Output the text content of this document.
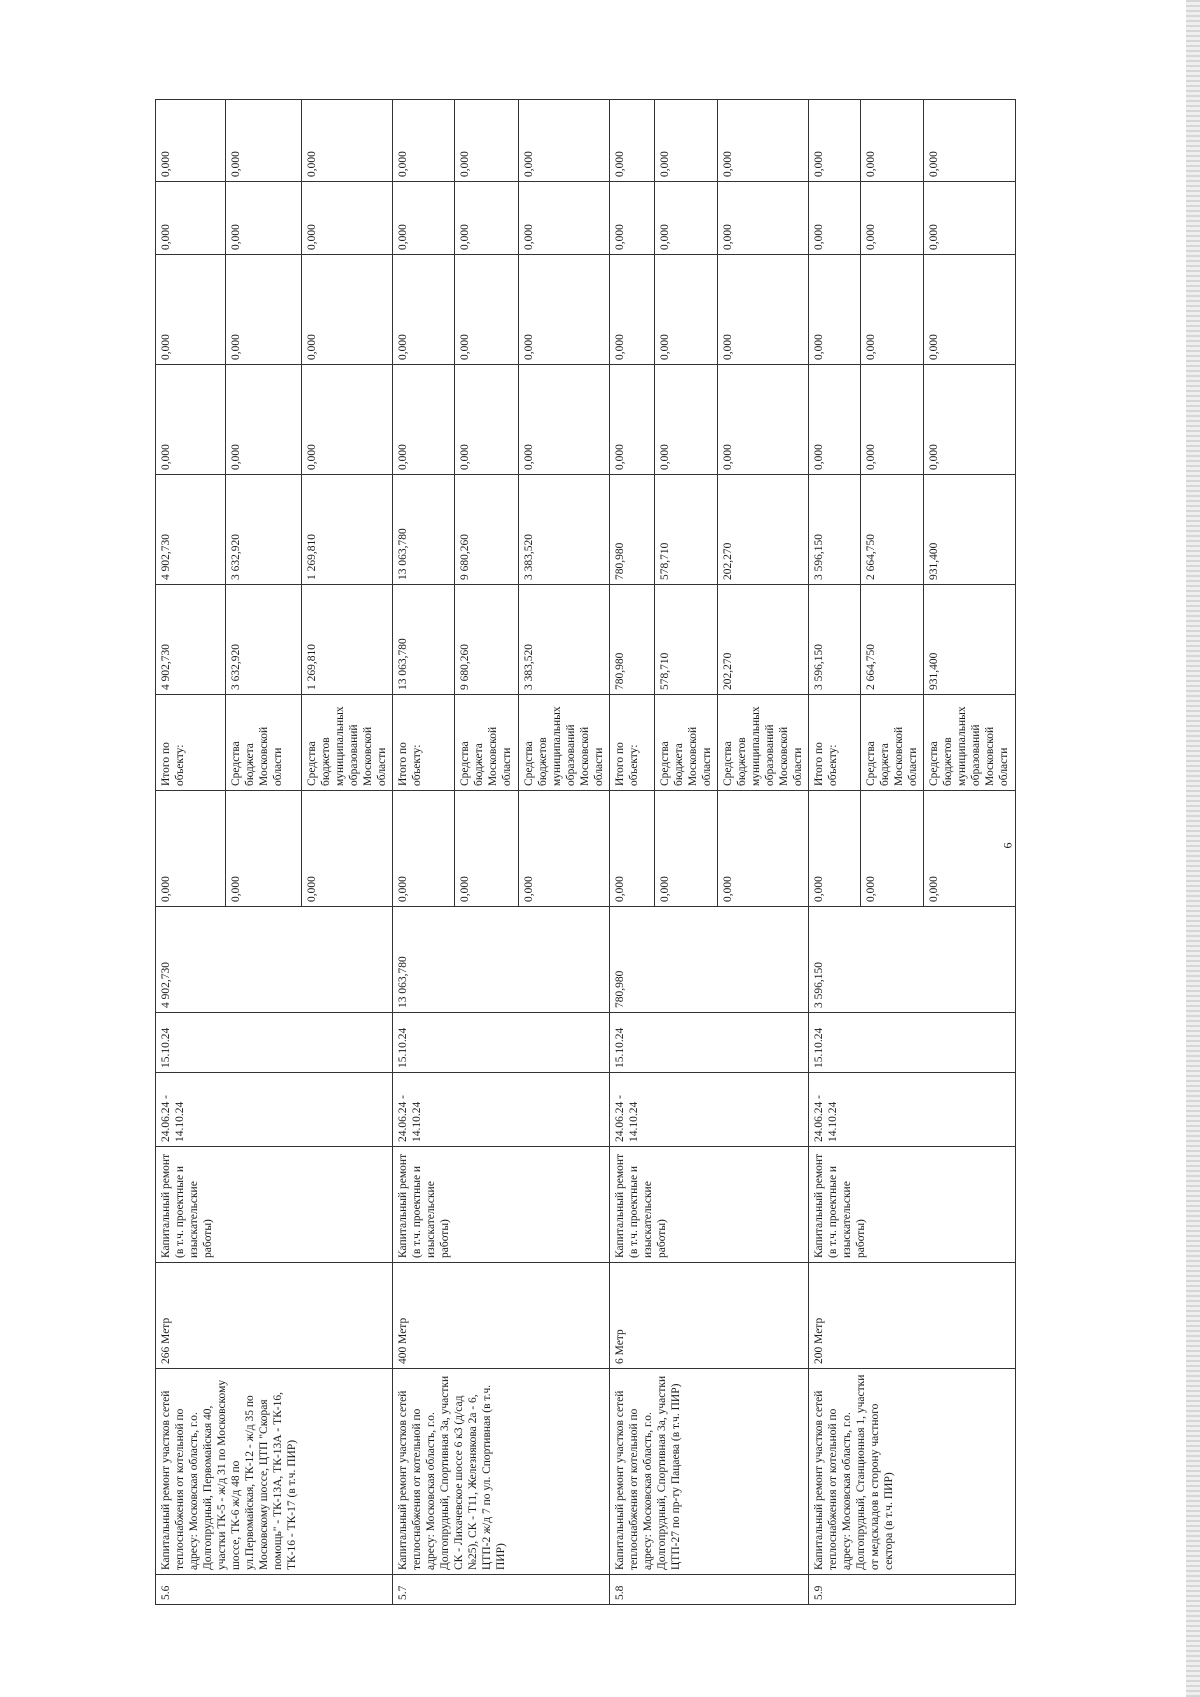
5.6	Капитальный ремонт участков сетей теплоснабжения от котельной по адресу: Московская область, г.о. Долгопрудный, Первомайская 40, участки ТК-5 - ж/д 31 по Московскому шоссе, ТК-6 ж/д 48 по ул.Первомайская, ТК-12 - ж/д 35 по Московскому шоссе, ЦТП "Скорая помощь" - ТК-13А, ТК-13А - ТК-16, ТК-16 - ТК-17 (в т.ч. ПИР)	266 Метр	Капитальный ремонт (в т.ч. проектные и изыскательские работы)	24.06.24 - 14.10.24	15.10.24	4 902,730	0,000	Итого по объекту:	4 902,730	4 902,730	0,000	0,000	0,000	0,000
							0,000	Средства бюджета Московской области	3 632,920	3 632,920	0,000	0,000	0,000	0,000
							0,000	Средства бюджетов муниципальных образований Московской области	1 269,810	1 269,810	0,000	0,000	0,000	0,000
5.7	Капитальный ремонт участков сетей теплоснабжения от котельной по адресу: Московская область, г.о. Долгопрудный, Спортивная 3а, участки СК - Лихачевское шоссе 6 к3 (д/сад №25), СК - Т11, Железнякова 2а - 6, ЦТП-2 ж/д 7 по ул. Спортивная (в т.ч. ПИР)	400 Метр	Капитальный ремонт (в т.ч. проектные и изыскательские работы)	24.06.24 - 14.10.24	15.10.24	13 063,780	0,000	Итого по объекту:	13 063,780	13 063,780	0,000	0,000	0,000	0,000
							0,000	Средства бюджета Московской области	9 680,260	9 680,260	0,000	0,000	0,000	0,000
							0,000	Средства бюджетов муниципальных образований Московской области	3 383,520	3 383,520	0,000	0,000	0,000	0,000
5.8	Капитальный ремонт участков сетей теплоснабжения от котельной по адресу: Московская область, г.о. Долгопрудный, Спортивная 3а, участки ЦТП-27 по пр-ту Пацаева (в т.ч. ПИР)	6 Метр	Капитальный ремонт (в т.ч. проектные и изыскательские работы)	24.06.24 - 14.10.24	15.10.24	780,980	0,000	Итого по объекту:	780,980	780,980	0,000	0,000	0,000	0,000
							0,000	Средства бюджета Московской области	578,710	578,710	0,000	0,000	0,000	0,000
							0,000	Средства бюджетов муниципальных образований Московской области	202,270	202,270	0,000	0,000	0,000	0,000
5.9	Капитальный ремонт участков сетей теплоснабжения от котельной по адресу: Московская область, г.о. Долгопрудный, Станционная 1, участки от медскладов в сторону частного сектора (в т.ч. ПИР)	200 Метр	Капитальный ремонт (в т.ч. проектные и изыскательские работы)	24.06.24 - 14.10.24	15.10.24	3 596,150	0,000	Итого по объекту:	3 596,150	3 596,150	0,000	0,000	0,000	0,000
							0,000	Средства бюджета Московской области	2 664,750	2 664,750	0,000	0,000	0,000	0,000
							0,000	Средства бюджетов муниципальных образований Московской области	931,400	931,400	0,000	0,000	0,000	0,000
6
